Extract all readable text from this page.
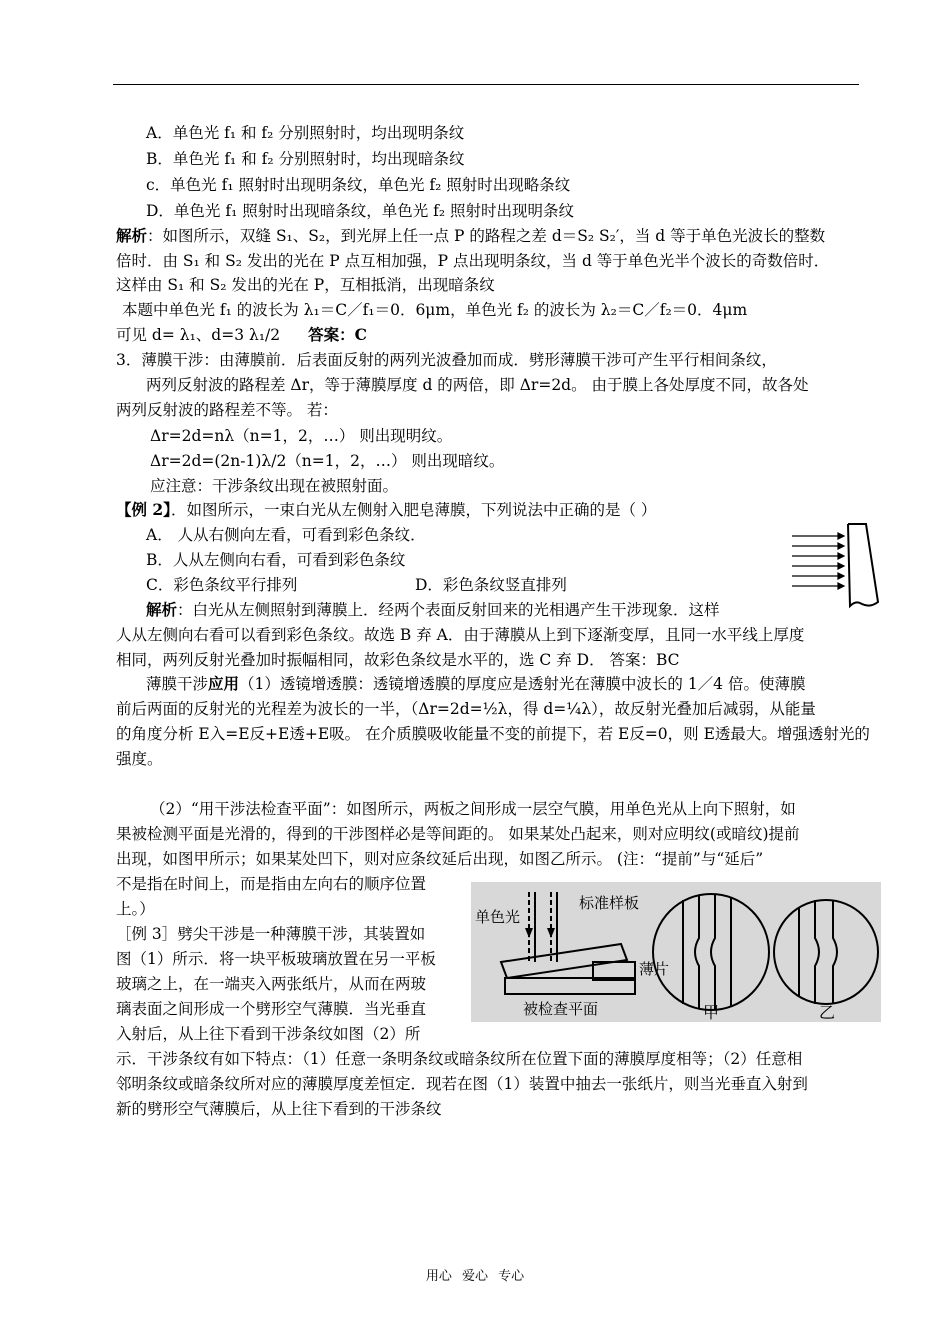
A．单色光 f₁ 和 f₂ 分别照射时，均出现明条纹
B．单色光 f₁ 和 f₂ 分别照射时，均出现暗条纹
c．单色光 f₁ 照射时出现明条纹，单色光 f₂ 照射时出现略条纹
D．单色光 f₁ 照射时出现暗条纹，单色光 f₂ 照射时出现明条纹
解析：如图所示，双缝 S₁、S₂，到光屏上任一点 P 的路程之差 d＝S₂ S₂′，当 d 等于单色光波长的整数
倍时．由 S₁ 和 S₂ 发出的光在 P 点互相加强，P 点出现明条纹，当 d 等于单色光半个波长的奇数倍时．
这样由 S₁ 和 S₂ 发出的光在 P，互相抵消，出现暗条纹
本题中单色光 f₁ 的波长为 λ₁＝C／f₁＝0．6μm，单色光 f₂ 的波长为 λ₂＝C／f₂＝0．4μm
可见 d= λ₁、d=3 λ₁/2 答案：C
3．薄膜干涉：由薄膜前．后表面反射的两列光波叠加而成．劈形薄膜干涉可产生平行相间条纹，
两列反射波的路程差 Δr，等于薄膜厚度 d 的两倍，即 Δr=2d。 由于膜上各处厚度不同，故各处
两列反射波的路程差不等。 若：
Δr=2d=nλ（n=1，2，…） 则出现明纹。
Δr=2d=(2n-1)λ/2（n=1，2，…） 则出现暗纹。
应注意：干涉条纹出现在被照射面。
【例 2】．如图所示，一束白光从左侧射入肥皂薄膜，下列说法中正确的是（ ）
A． 人从右侧向左看，可看到彩色条纹．
B．人从左侧向右看，可看到彩色条纹
C．彩色条纹平行排列	D．彩色条纹竖直排列
解析：白光从左侧照射到薄膜上．经两个表面反射回来的光相遇产生干涉现象．这样
人从左侧向右看可以看到彩色条纹。故选 B 弃 A．由于薄膜从上到下逐渐变厚，且同一水平线上厚度
相同，两列反射光叠加时振幅相同，故彩色条纹是水平的，选 C 弃 D． 答案：BC
薄膜干涉应用（1）透镜增透膜：透镜增透膜的厚度应是透射光在薄膜中波长的 1／4 倍。使薄膜
前后两面的反射光的光程差为波长的一半，（Δr=2d=½λ，得 d=¼λ），故反射光叠加后减弱，从能量
的角度分析 E入=E反+E透+E吸。 在介质膜吸收能量不变的前提下，若 E反=0，则 E透最大。增强透射光的
强度。
（2）“用干涉法检查平面”：如图所示，两板之间形成一层空气膜，用单色光从上向下照射，如
果被检测平面是光滑的，得到的干涉图样必是等间距的。 如果某处凸起来，则对应明纹(或暗纹)提前
出现，如图甲所示；如果某处凹下，则对应条纹延后出现，如图乙所示。 (注：“提前”与“延后”
不是指在时间上，而是指由左向右的顺序位置
上。）
［例 3］劈尖干涉是一种薄膜干涉，其装置如
图（1）所示．将一块平板玻璃放置在另一平板
玻璃之上，在一端夹入两张纸片，从而在两玻
璃表面之间形成一个劈形空气薄膜．当光垂直
入射后，从上往下看到干涉条纹如图（2）所
示．干涉条纹有如下特点：（1）任意一条明条纹或暗条纹所在位置下面的薄膜厚度相等；（2）任意相
邻明条纹或暗条纹所对应的薄膜厚度差恒定．现若在图（1）装置中抽去一张纸片，则当光垂直入射到
新的劈形空气薄膜后，从上往下看到的干涉条纹
单色光
标准样板
薄片
被检查平面	甲	乙
用心 爱心 专心
